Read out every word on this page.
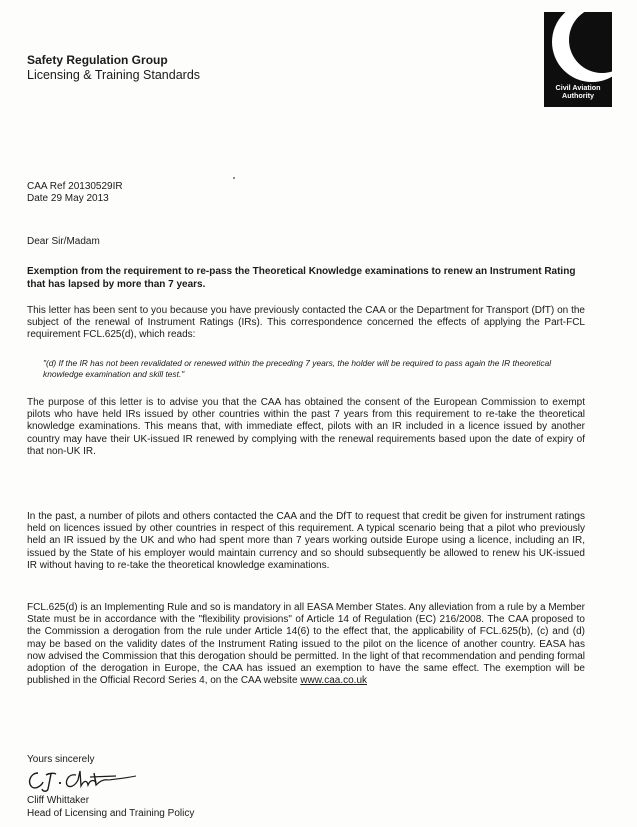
Safety Regulation Group
Licensing & Training Standards
Civil Aviation
Authority
CAA Ref 20130529IR
Date 29 May 2013
Dear Sir/Madam
Exemption from the requirement to re-pass the Theoretical Knowledge examinations to renew an Instrument Rating that has lapsed by more than 7 years.
This letter has been sent to you because you have previously contacted the CAA or the Department for Transport (DfT) on the subject of the renewal of Instrument Ratings (IRs). This correspondence concerned the effects of applying the Part-FCL requirement FCL.625(d), which reads:
"(d) If the IR has not been revalidated or renewed within the preceding 7 years, the holder will be required to pass again the IR theoretical knowledge examination and skill test."
The purpose of this letter is to advise you that the CAA has obtained the consent of the European Commission to exempt pilots who have held IRs issued by other countries within the past 7 years from this requirement to re-take the theoretical knowledge examinations. This means that, with immediate effect, pilots with an IR included in a licence issued by another country may have their UK-issued IR renewed by complying with the renewal requirements based upon the date of expiry of that non-UK IR.
In the past, a number of pilots and others contacted the CAA and the DfT to request that credit be given for instrument ratings held on licences issued by other countries in respect of this requirement. A typical scenario being that a pilot who previously held an IR issued by the UK and who had spent more than 7 years working outside Europe using a licence, including an IR, issued by the State of his employer would maintain currency and so should subsequently be allowed to renew his UK-issued IR without having to re-take the theoretical knowledge examinations.
FCL.625(d) is an Implementing Rule and so is mandatory in all EASA Member States. Any alleviation from a rule by a Member State must be in accordance with the "flexibility provisions" of Article 14 of Regulation (EC) 216/2008. The CAA proposed to the Commission a derogation from the rule under Article 14(6) to the effect that, the applicability of FCL.625(b), (c) and (d) may be based on the validity dates of the Instrument Rating issued to the pilot on the licence of another country. EASA has now advised the Commission that this derogation should be permitted. In the light of that recommendation and pending formal adoption of the derogation in Europe, the CAA has issued an exemption to have the same effect. The exemption will be published in the Official Record Series 4, on the CAA website www.caa.co.uk
Yours sincerely
Cliff Whittaker
Head of Licensing and Training Policy
